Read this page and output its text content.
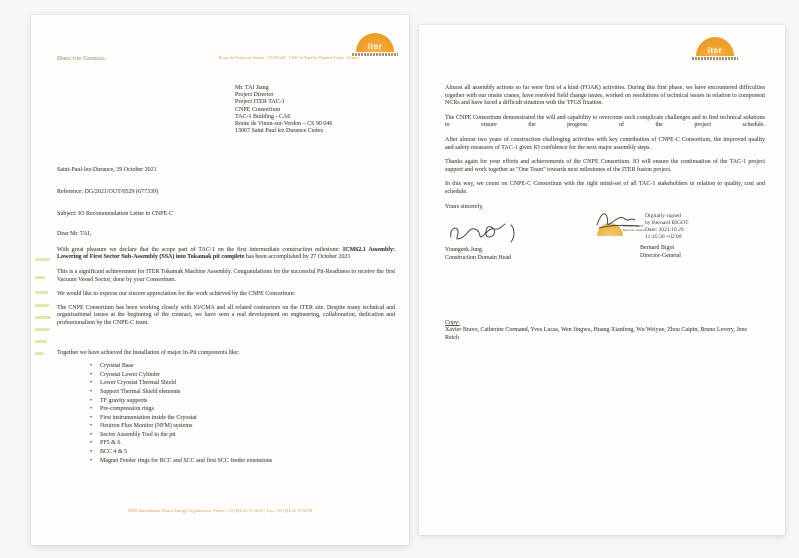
Director-General	Route de Vinon-sur-Verdon - CS 90 046 - 13067 St Paul lez Durance Cedex - France
iter
Mr. TAI Jiang
Project Director
Project ITER TAC-1
CNPE Consortium
TAC-1 Building - CA6
Route de Vinon-sur-Verdon – CS 90 046
13067 Saint Paul lez Durance Cedex
Saint-Paul-lez-Durance, 29 October 2021
Reference: DG/2021/OUT/0529 (677339)
Subject: IO Recommendation Letter to CNPE-C
Dear Mr. TAI,

With great pleasure we declare that the scope part of TAC-1 on the first intermediate construction milestone: ICM62.1 Assembly: Lowering of First Sector Sub-Assembly (SSA) into Tokamak pit complete has been accomplished by 27 October 2021

This is a significant achievement for ITER Tokamak Machine Assembly. Congratulations for the successful Pit-Readiness to receive the first Vacuum Vessel Sector, done by your Consortium.

We would like to express our sincere appreciation for the work achieved by the CNPE Consortium:

The CNPE Consortium has been working closely with IO/CMA and all related contractors on the ITER site. Despite many technical and organizational issues at the beginning of the contract, we have seen a real development on engineering, collaboration, dedication and professionalism by the CNPE-C team.

Together we have achieved the installation of major In-Pit components like:
• Cryostat Base
• Cryostat Lower Cylinder
• Lower Cryostat Thermal Shield
• Support Thermal Shield elements
• TF gravity supports
• Pre-compression rings
• First instrumentation inside the Cryostat
• Neutron Flux Monitor (NFM) systems
• Sector Assembly Tool in the pit
• PF5 & 6
• BCC 4 & 5
• Magnet Feeder rings for BCC and SCC and first SCC feeder extensions
ITER International Fusion Energy Organization, Phone: +33 (0)4 42 17 66 01 | Fax: +33 (0)4 42 17 66 00
iter

Almost all assembly actions so far were first of a kind (FOAK) activities. During this first phase, we have encountered difficulties together with our onsite cranes, have resolved field change issues, worked on resolutions of technical issues in relation to component NCRs and have faced a difficult situation with the TFGS fixation.

The CNPE Consortium demonstrated the will and capability to overcome such complicate challenges and to find technical solutions to ensure the progress of the project schedule.

After almost two years of construction challenging activities with key contribution of CNPE-C Consortium, the improved quality and safety measures of TAC-1 gives IO confidence for the next major assembly steps.

Thanks again for your efforts and achievements of the CNPE Consortium. IO will ensure the continuation of the TAC-1 project support and work together as "One Team" towards next milestones of the ITER fusion project.

In this way, we count on CNPE-C Consortium with the right mind-set of all TAC-1 stakeholders in relation to quality, cost and schedule.

Yours sincerely,
Youngeek Jung
Construction Domain Head
Bernard BIGOT
Director General
Digitally signed
by Bernard BIGOT
Date: 2021.10.29
11:45:30 +02'00'
Bernard Bigot
Director-General
Copy:
Xavier Bravo, Catherine Cormand, Yves Lucas, Wen Jingwu, Huang Xianfeng, Wu Weiyue, Zhou Caipin, Bruno Levery, Jens Reich
